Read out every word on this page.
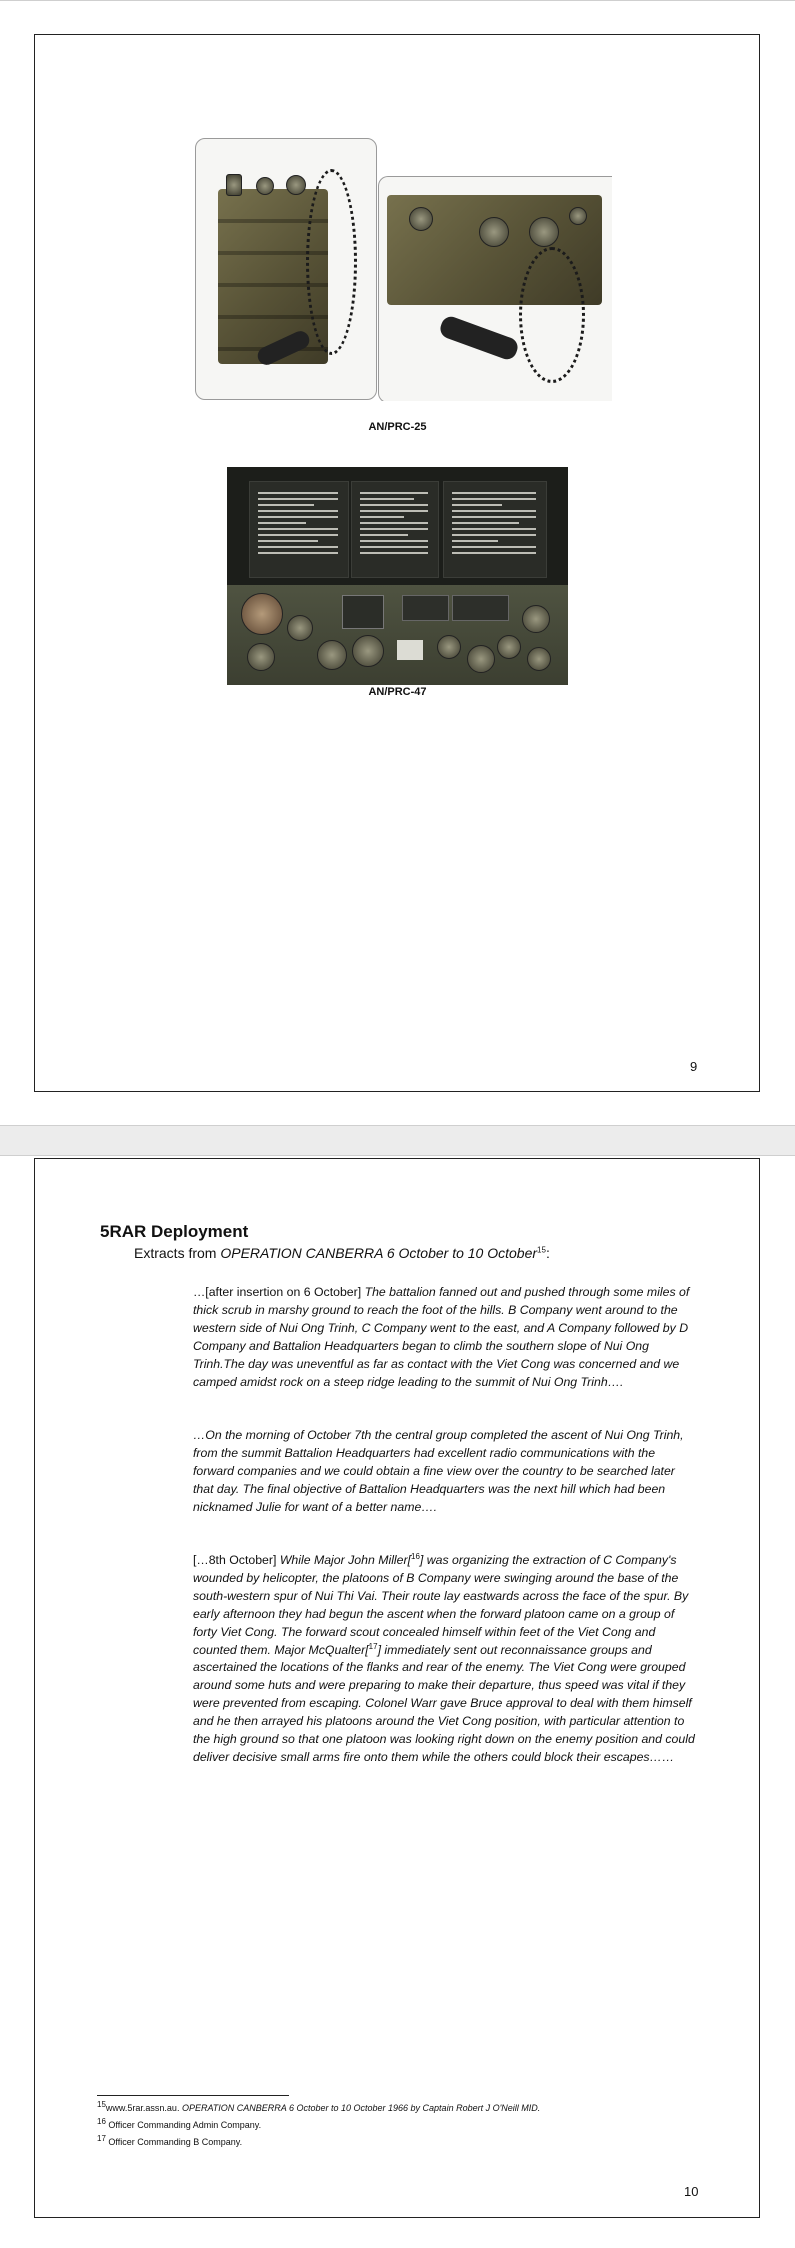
AN/PRC-25
AN/PRC-47
9
5RAR Deployment
Extracts from OPERATION CANBERRA 6 October to 10 October$^{15}$:
…[after insertion on 6 October] The battalion fanned out and pushed through some miles of thick scrub in marshy ground to reach the foot of the hills. B Company went around to the western side of Nui Ong Trinh, C Company went to the east, and A Company followed by D Company and Battalion Headquarters began to climb the southern slope of Nui Ong Trinh.The day was uneventful as far as contact with the Viet Cong was concerned and we camped amidst rock on a steep ridge leading to the summit of Nui Ong Trinh….
…On the morning of October 7th the central group completed the ascent of Nui Ong Trinh, from the summit Battalion Headquarters had excellent radio communications with the forward companies and we could obtain a fine view over the country to be searched later that day. The final objective of Battalion Headquarters was the next hill which had been nicknamed Julie for want of a better name….
[…8th October] While Major John Miller[$^{16}$] was organizing the extraction of C Company's wounded by helicopter, the platoons of B Company were swinging around the base of the south-western spur of Nui Thi Vai. Their route lay eastwards across the face of the spur. By early afternoon they had begun the ascent when the forward platoon came on a group of forty Viet Cong. The forward scout concealed himself within feet of the Viet Cong and counted them. Major McQualter[$^{17}$] immediately sent out reconnaissance groups and ascertained the locations of the flanks and rear of the enemy. The Viet Cong were grouped around some huts and were preparing to make their departure, thus speed was vital if they were prevented from escaping. Colonel Warr gave Bruce approval to deal with them himself and he then arrayed his platoons around the Viet Cong position, with particular attention to the high ground so that one platoon was looking right down on the enemy position and could deliver decisive small arms fire onto them while the others could block their escapes……
$^{15}$www.5rar.assn.au. OPERATION CANBERRA 6 October to 10 October 1966 by Captain Robert J O'Neill MID.
$^{16}$ Officer Commanding Admin Company.
$^{17}$ Officer Commanding B Company.
10
